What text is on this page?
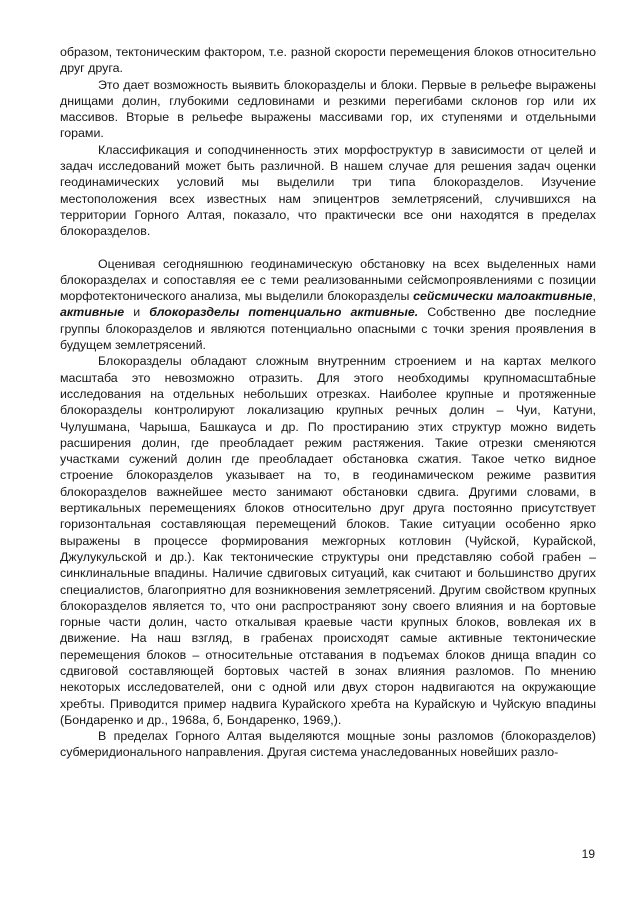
образом, тектоническим фактором, т.е. разной скорости перемещения блоков относительно друг друга.

Это дает возможность выявить блокоразделы и блоки. Первые в рельефе выражены днищами долин, глубокими седловинами и резкими перегибами склонов гор или их массивов. Вторые в рельефе выражены массивами гор, их ступенями и отдельными горами.

Классификация и соподчиненность этих морфоструктур в зависимости от целей и задач исследований может быть различной. В нашем случае для решения задач оценки геодинамических условий мы выделили три типа блокоразделов. Изучение местоположения всех известных нам эпицентров землетрясений, случившихся на территории Горного Алтая, показало, что практически все они находятся в пределах блокоразделов.

Оценивая сегодняшнюю геодинамическую обстановку на всех выделенных нами блокоразделах и сопоставляя ее с теми реализованными сейсмопроявлениями с позиции морфотектонического анализа, мы выделили блокоразделы сейсмически малоактивные, активные и блокоразделы потенциально активные. Собственно две последние группы блокоразделов и являются потенциально опасными с точки зрения проявления в будущем землетрясений.

Блокоразделы обладают сложным внутренним строением и на картах мелкого масштаба это невозможно отразить. Для этого необходимы крупномасштабные исследования на отдельных небольших отрезках. Наиболее крупные и протяженные блокоразделы контролируют локализацию крупных речных долин – Чуи, Катуни, Чулушмана, Чарыша, Башкауса и др. По простиранию этих структур можно видеть расширения долин, где преобладает режим растяжения. Такие отрезки сменяются участками сужений долин где преобладает обстановка сжатия. Такое четко видное строение блокоразделов указывает на то, в геодинамическом режиме развития блокоразделов важнейшее место занимают обстановки сдвига. Другими словами, в вертикальных перемещениях блоков относительно друг друга постоянно присутствует горизонтальная составляющая перемещений блоков. Такие ситуации особенно ярко выражены в процессе формирования межгорных котловин (Чуйской, Курайской, Джулукульской и др.). Как тектонические структуры они представляю собой грабен – синклинальные впадины. Наличие сдвиговых ситуаций, как считают и большинство других специалистов, благоприятно для возникновения землетрясений. Другим свойством крупных блокоразделов является то, что они распространяют зону своего влияния и на бортовые горные части долин, часто откалывая краевые части крупных блоков, вовлекая их в движение. На наш взгляд, в грабенах происходят самые активные тектонические перемещения блоков – относительные отставания в подъемах блоков днища впадин со сдвиговой составляющей бортовых частей в зонах влияния разломов. По мнению некоторых исследователей, они с одной или двух сторон надвигаются на окружающие хребты. Приводится пример надвига Курайского хребта на Курайскую и Чуйскую впадины (Бондаренко и др., 1968а, б, Бондаренко, 1969,).

В пределах Горного Алтая выделяются мощные зоны разломов (блокоразделов) субмеридионального направления. Другая система унаследованных новейших разло-

19
